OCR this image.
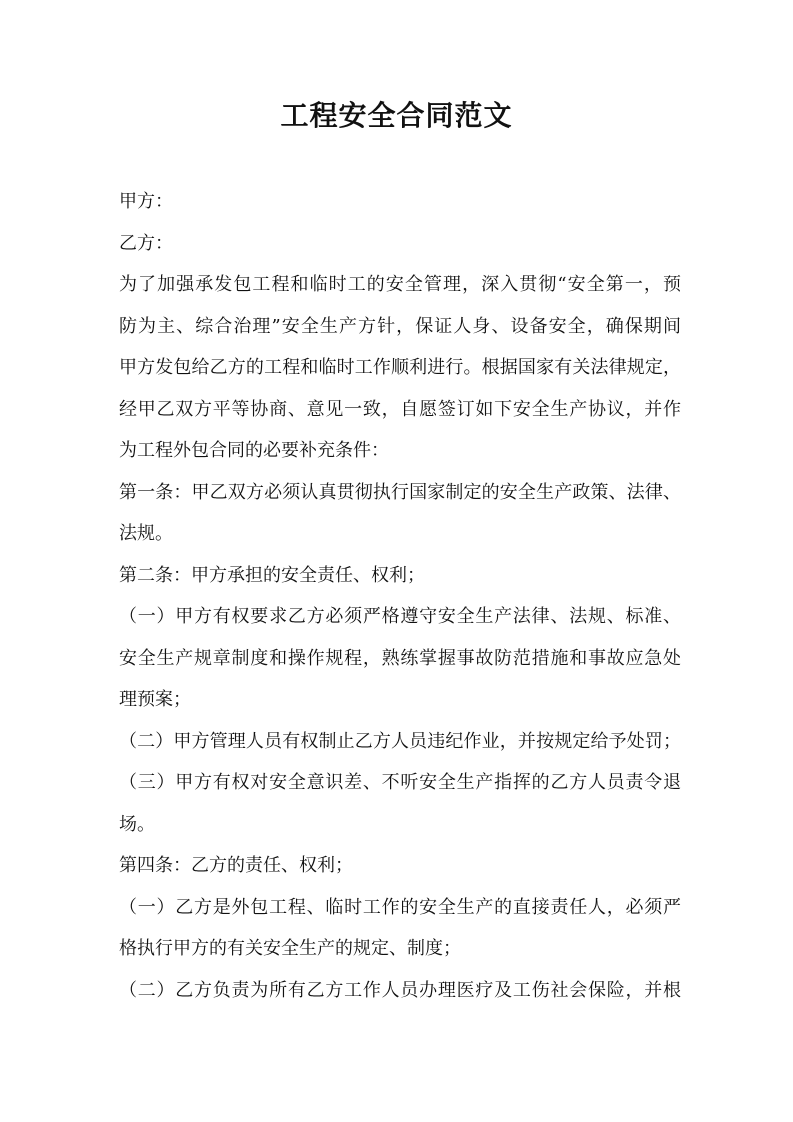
工程安全合同范文
甲方：
乙方：
为了加强承发包工程和临时工的安全管理，深入贯彻“安全第一，预
防为主、综合治理”安全生产方针，保证人身、设备安全，确保期间
甲方发包给乙方的工程和临时工作顺利进行。根据国家有关法律规定，
经甲乙双方平等协商、意见一致，自愿签订如下安全生产协议，并作
为工程外包合同的必要补充条件：
第一条：甲乙双方必须认真贯彻执行国家制定的安全生产政策、法律、
法规。
第二条：甲方承担的安全责任、权利；
（一）甲方有权要求乙方必须严格遵守安全生产法律、法规、标准、
安全生产规章制度和操作规程，熟练掌握事故防范措施和事故应急处
理预案；
（二）甲方管理人员有权制止乙方人员违纪作业，并按规定给予处罚；
（三）甲方有权对安全意识差、不听安全生产指挥的乙方人员责令退
场。
第四条：乙方的责任、权利；
（一）乙方是外包工程、临时工作的安全生产的直接责任人，必须严
格执行甲方的有关安全生产的规定、制度；
（二）乙方负责为所有乙方工作人员办理医疗及工伤社会保险，并根
